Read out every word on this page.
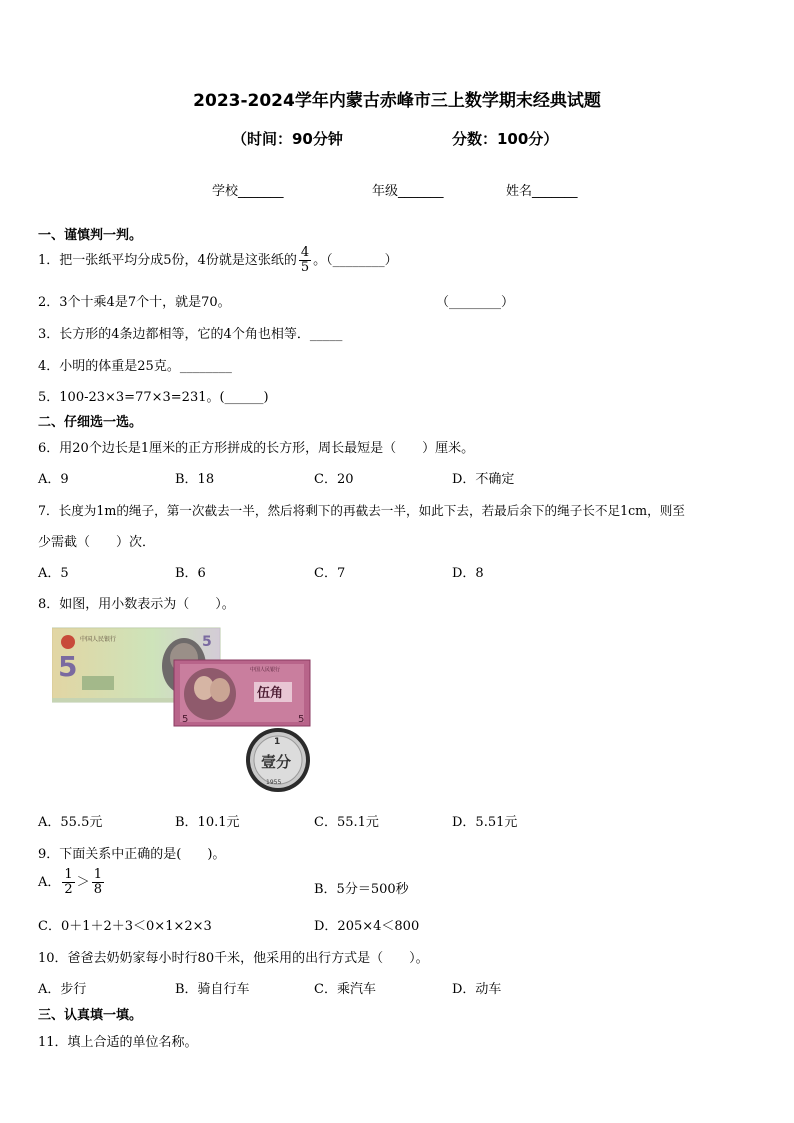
2023-2024学年内蒙古赤峰市三上数学期末经典试题
（时间：90分钟	分数：100分）
学校_______	年级_______	姓名_______
一、谨慎判一判。
1．把一张纸平均分成5份，4份就是这张纸的 $\frac{4}{5}$ 。（________）
2．3个十乘4是7个十，就是70。	（________）
3．长方形的4条边都相等，它的4个角也相等．_____
4．小明的体重是25克。________
5．100-23×3=77×3=231。(______)
二、仔细选一选。
6．用20个边长是1厘米的正方形拼成的长方形，周长最短是（　　）厘米。
A．9	B．18	C．20	D．不确定
7．长度为1m的绳子，第一次截去一半，然后将剩下的再截去一半，如此下去，若最后余下的绳子长不足1cm，则至
少需截（　　）次．
A．5	B．6	C．7	D．8
8．如图，用小数表示为（　　）。
中国人民银行
5
5
中国人民银行
伍角
5	5
1
壹分
1955
A．55.5元	B．10.1元	C．55.1元	D．5.51元
9．下面关系中正确的是(　　)。
A． $\frac{1}{2} > \frac{1}{8}$	B．5分＝500秒
C．0＋1＋2＋3＜0×1×2×3	D．205×4＜800
10．爸爸去奶奶家每小时行80千米，他采用的出行方式是（　　）。
A．步行	B．骑自行车	C．乘汽车	D．动车
三、认真填一填。
11．填上合适的单位名称。
